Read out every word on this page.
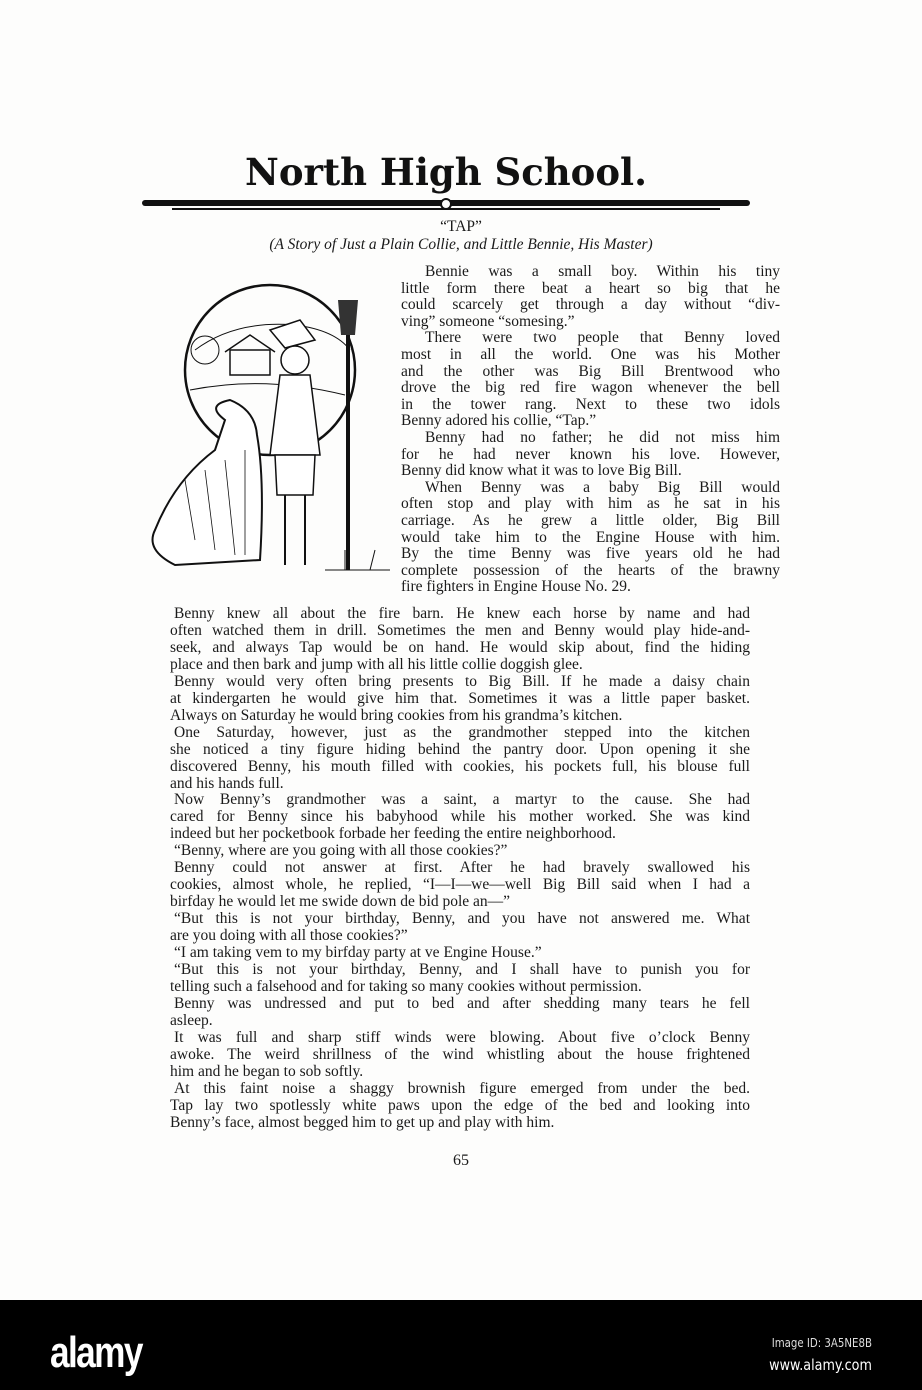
North High School.
“TAP”
(A Story of Just a Plain Collie, and Little Bennie, His Master)
Bennie was a small boy. Within his tiny
little form there beat a heart so big that he
could scarcely get through a day without “div-
ving” someone “somesing.”
There were two people that Benny loved
most in all the world. One was his Mother
and the other was Big Bill Brentwood who
drove the big red fire wagon whenever the bell
in the tower rang. Next to these two idols
Benny adored his collie, “Tap.”
Benny had no father; he did not miss him
for he had never known his love. However,
Benny did know what it was to love Big Bill.
When Benny was a baby Big Bill would
often stop and play with him as he sat in his
carriage. As he grew a little older, Big Bill
would take him to the Engine House with him.
By the time Benny was five years old he had
complete possession of the hearts of the brawny
fire fighters in Engine House No. 29.
Benny knew all about the fire barn. He knew each horse by name and had
often watched them in drill. Sometimes the men and Benny would play hide-and-
seek, and always Tap would be on hand. He would skip about, find the hiding
place and then bark and jump with all his little collie doggish glee.
Benny would very often bring presents to Big Bill. If he made a daisy chain
at kindergarten he would give him that. Sometimes it was a little paper basket.
Always on Saturday he would bring cookies from his grandma’s kitchen.
One Saturday, however, just as the grandmother stepped into the kitchen
she noticed a tiny figure hiding behind the pantry door. Upon opening it she
discovered Benny, his mouth filled with cookies, his pockets full, his blouse full
and his hands full.
Now Benny’s grandmother was a saint, a martyr to the cause. She had
cared for Benny since his babyhood while his mother worked. She was kind
indeed but her pocketbook forbade her feeding the entire neighborhood.
“Benny, where are you going with all those cookies?”
Benny could not answer at first. After he had bravely swallowed his
cookies, almost whole, he replied, “I—I—we—well Big Bill said when I had a
birfday he would let me swide down de bid pole an—”
“But this is not your birthday, Benny, and you have not answered me. What
are you doing with all those cookies?”
“I am taking vem to my birfday party at ve Engine House.”
“But this is not your birthday, Benny, and I shall have to punish you for
telling such a falsehood and for taking so many cookies without permission.
Benny was undressed and put to bed and after shedding many tears he fell
asleep.
It was full and sharp stiff winds were blowing. About five o’clock Benny
awoke. The weird shrillness of the wind whistling about the house frightened
him and he began to sob softly.
At this faint noise a shaggy brownish figure emerged from under the bed.
Tap lay two spotlessly white paws upon the edge of the bed and looking into
Benny’s face, almost begged him to get up and play with him.
65
alamy	Image ID: 3A5NE8B
www.alamy.com
